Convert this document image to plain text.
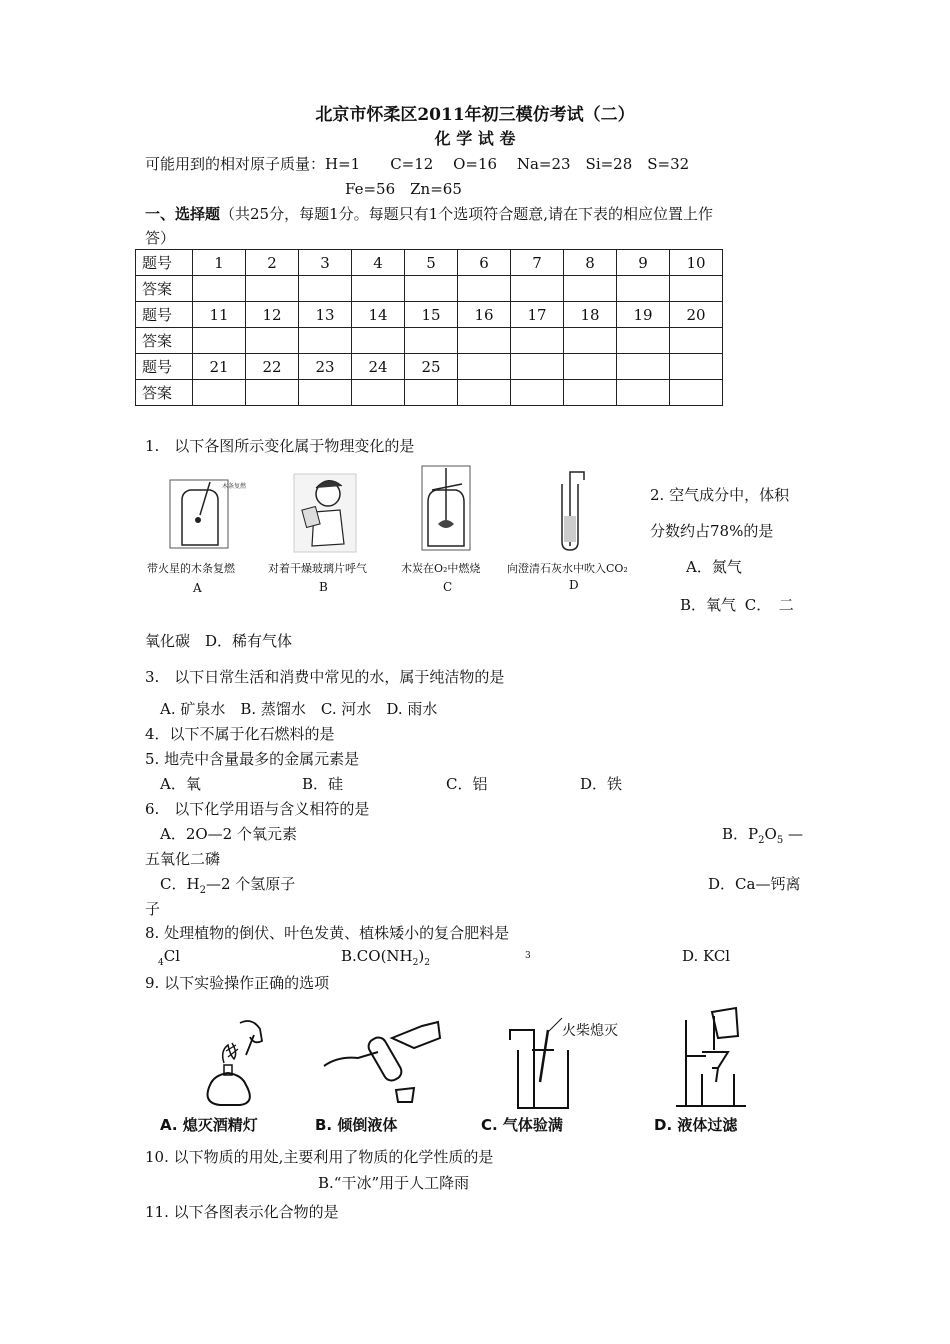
北京市怀柔区2011年初三模仿考试（二）
化 学 试 卷
可能用到的相对原子质量：H=1　　C=12　 O=16　 Na=23　Si=28　S=32
Fe=56　Zn=65
一、选择题（共25分，每题1分。每题只有1个选项符合题意,请在下表的相应位置上作
答）
题号	1	2	3	4	5	6	7	8	9	10
答案										
题号	11	12	13	14	15	16	17	18	19	20
答案										
题号	21	22	23	24	25					
答案										
1.　以下各图所示变化属于物理变化的是
木条复燃
带火星的木条复燃	对着干燥玻璃片呼气	木炭在O₂中燃烧 向澄清石灰水中吹入CO₂
A	B	C	D
2. 空气成分中，体积
分数约占78%的是
A．氮气
B．氧气 C．　二
氧化碳　D．稀有气体
3.　以下日常生活和消费中常见的水，属于纯洁物的是
A. 矿泉水　B. 蒸馏水　C. 河水　D. 雨水
4．以下不属于化石燃料的是
5. 地壳中含量最多的金属元素是
A．氧	B．硅	C．铝	D．铁
6.　以下化学用语与含义相符的是
A．2O—2 个氧元素	B．$P_2O_5$ —
五氧化二磷
C．$H_2—2$ 个氢原子	D．Ca—钙离
子
8. 处理植物的倒伏、叶色发黄、植株矮小的复合肥料是
$_4$Cl	$B.CO(NH_2)_2$
3	D. KCl
9. 以下实验操作正确的选项
火柴熄灭
A. 熄灭酒精灯	B. 倾倒液体	C. 气体验满	D. 液体过滤
10. 以下物质的用处,主要利用了物质的化学性质的是
B.“干冰”用于人工降雨
11. 以下各图表示化合物的是
